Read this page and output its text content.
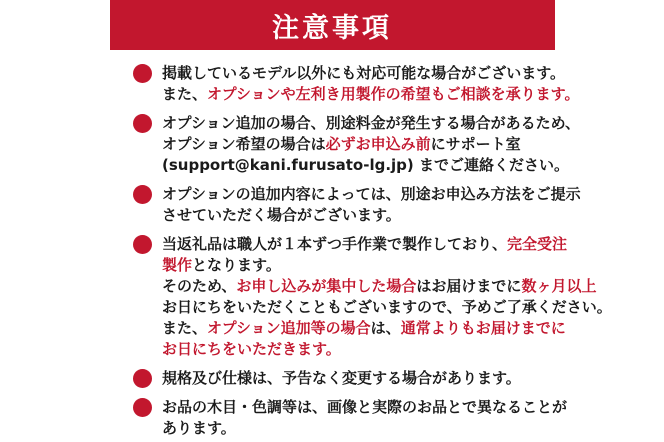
注意事項
掲載しているモデル以外にも対応可能な場合がございます。
また、オプションや左利き用製作の希望もご相談を承ります。
オプション追加の場合、別途料金が発生する場合があるため、
オプション希望の場合は必ずお申込み前にサポート室
(support@kani.furusato-lg.jp) までご連絡ください。
オプションの追加内容によっては、別途お申込み方法をご提示
させていただく場合がございます。
当返礼品は職人が１本ずつ手作業で製作しており、完全受注
製作となります。
そのため、お申し込みが集中した場合はお届けまでに数ヶ月以上
お日にちをいただくこともございますので、予めご了承ください。
また、オプション追加等の場合は、通常よりもお届けまでに
お日にちをいただきます。
規格及び仕様は、予告なく変更する場合があります。
お品の木目・色調等は、画像と実際のお品とで異なることが
あります。
